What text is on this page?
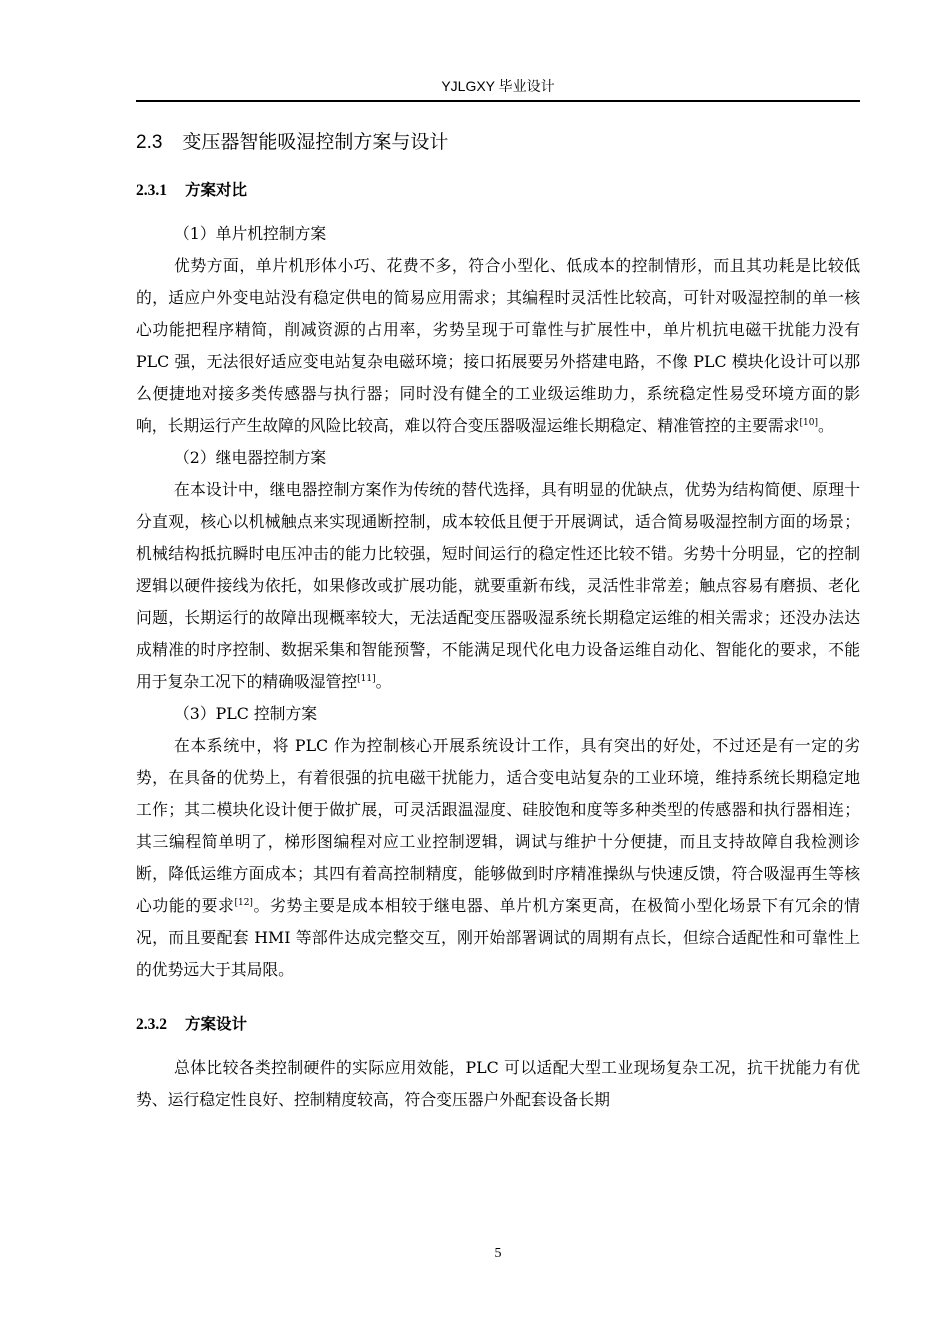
YJLGXY 毕业设计
2.3 变压器智能吸湿控制方案与设计
2.3.1 方案对比

（1）单片机控制方案

优势方面，单片机形体小巧、花费不多，符合小型化、低成本的控制情形，而且其功耗是比较低的，适应户外变电站没有稳定供电的简易应用需求；其编程时灵活性比较高，可针对吸湿控制的单一核心功能把程序精简，削减资源的占用率，劣势呈现于可靠性与扩展性中，单片机抗电磁干扰能力没有 PLC 强，无法很好适应变电站复杂电磁环境；接口拓展要另外搭建电路，不像 PLC 模块化设计可以那么便捷地对接多类传感器与执行器；同时没有健全的工业级运维助力，系统稳定性易受环境方面的影响，长期运行产生故障的风险比较高，难以符合变压器吸湿运维长期稳定、精准管控的主要需求[10]。

（2）继电器控制方案

在本设计中，继电器控制方案作为传统的替代选择，具有明显的优缺点，优势为结构简便、原理十分直观，核心以机械触点来实现通断控制，成本较低且便于开展调试，适合简易吸湿控制方面的场景；机械结构抵抗瞬时电压冲击的能力比较强，短时间运行的稳定性还比较不错。劣势十分明显，它的控制逻辑以硬件接线为依托，如果修改或扩展功能，就要重新布线，灵活性非常差；触点容易有磨损、老化问题，长期运行的故障出现概率较大，无法适配变压器吸湿系统长期稳定运维的相关需求；还没办法达成精准的时序控制、数据采集和智能预警，不能满足现代化电力设备运维自动化、智能化的要求，不能用于复杂工况下的精确吸湿管控[11]。

（3）PLC 控制方案

在本系统中，将 PLC 作为控制核心开展系统设计工作，具有突出的好处，不过还是有一定的劣势，在具备的优势上，有着很强的抗电磁干扰能力，适合变电站复杂的工业环境，维持系统长期稳定地工作；其二模块化设计便于做扩展，可灵活跟温湿度、硅胶饱和度等多种类型的传感器和执行器相连；其三编程简单明了，梯形图编程对应工业控制逻辑，调试与维护十分便捷，而且支持故障自我检测诊断，降低运维方面成本；其四有着高控制精度，能够做到时序精准操纵与快速反馈，符合吸湿再生等核心功能的要求[12]。劣势主要是成本相较于继电器、单片机方案更高，在极简小型化场景下有冗余的情况，而且要配套 HMI 等部件达成完整交互，刚开始部署调试的周期有点长，但综合适配性和可靠性上的优势远大于其局限。

2.3.2 方案设计

总体比较各类控制硬件的实际应用效能，PLC 可以适配大型工业现场复杂工况，抗干扰能力有优势、运行稳定性良好、控制精度较高，符合变压器户外配套设备长期

5
